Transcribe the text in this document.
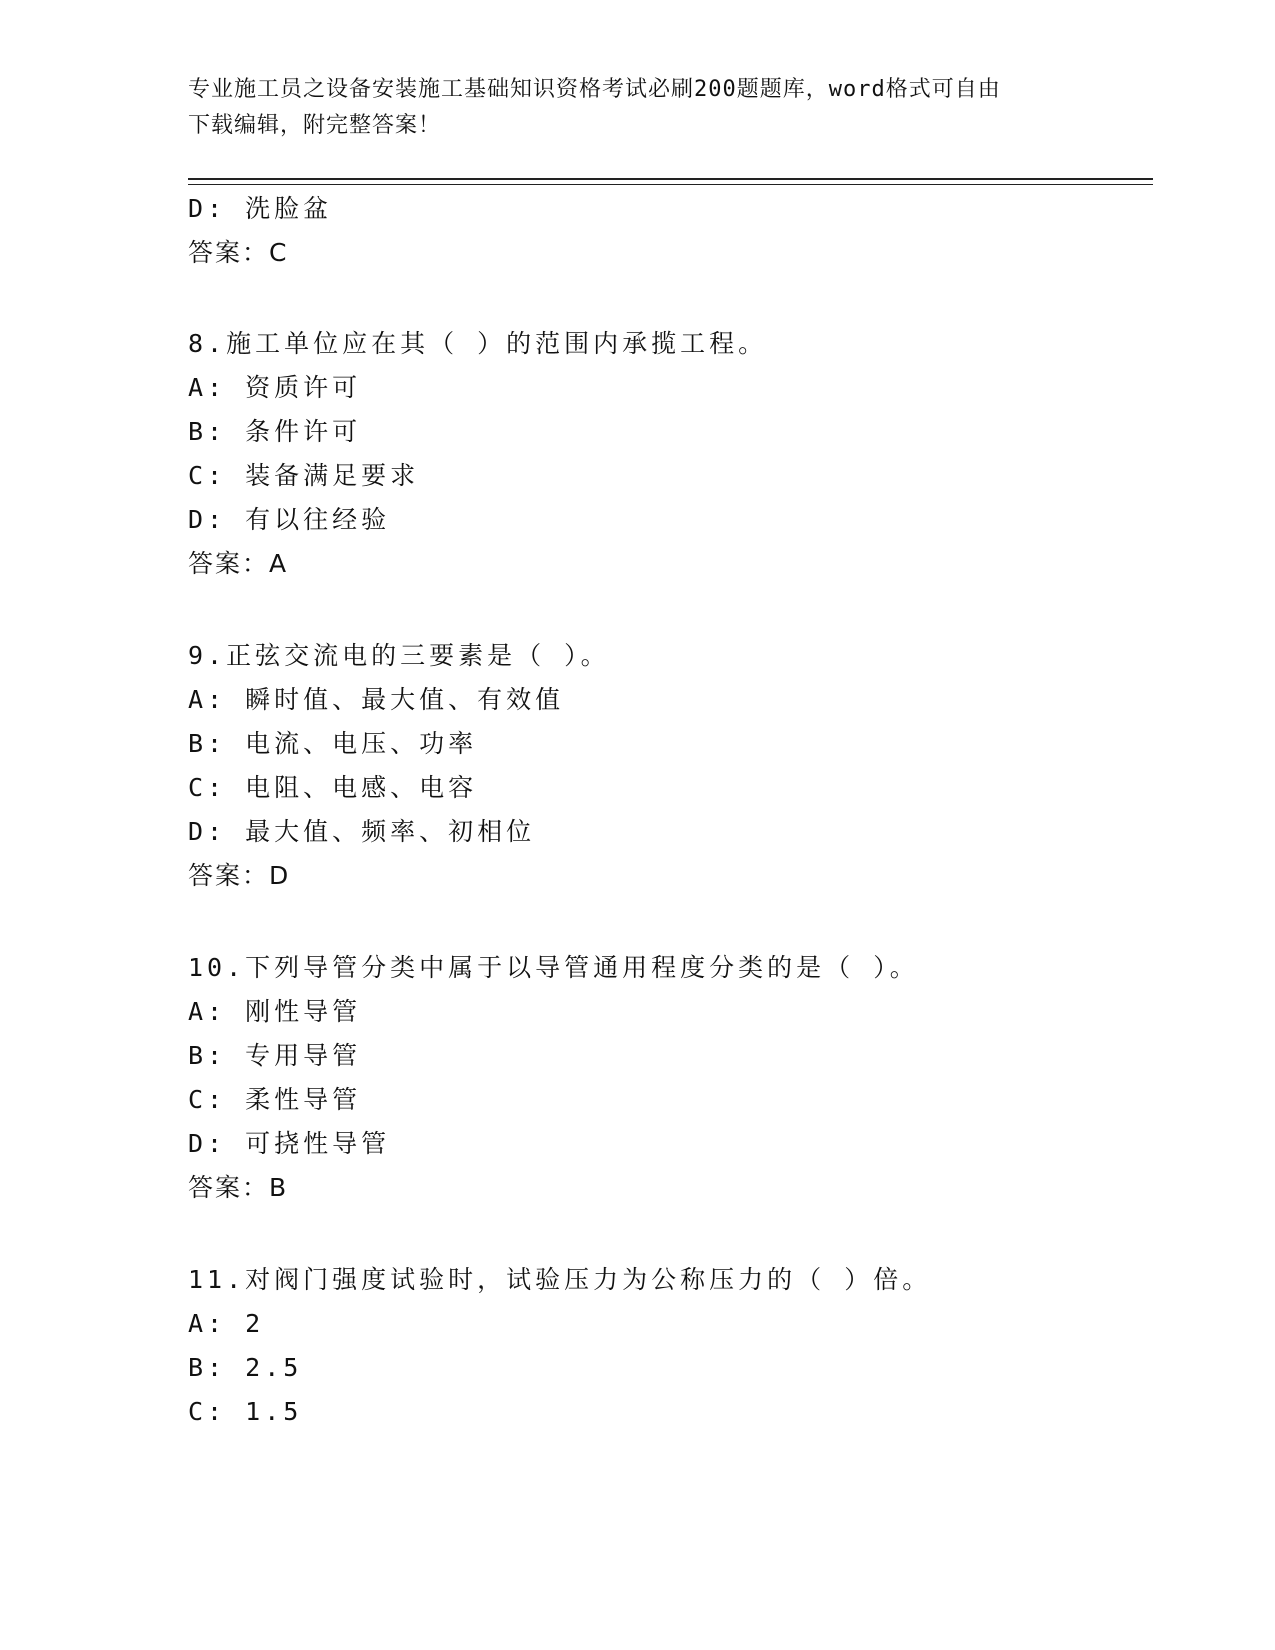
专业施工员之设备安装施工基础知识资格考试必刷200题题库，word格式可自由
下载编辑，附完整答案！
D: 洗脸盆
答案：C
8.施工单位应在其（ ）的范围内承揽工程。
A: 资质许可
B: 条件许可
C: 装备满足要求
D: 有以往经验
答案：A
9.正弦交流电的三要素是（ ）。
A: 瞬时值、最大值、有效值
B: 电流、电压、功率
C: 电阻、电感、电容
D: 最大值、频率、初相位
答案：D
10.下列导管分类中属于以导管通用程度分类的是（ ）。
A: 刚性导管
B: 专用导管
C: 柔性导管
D: 可挠性导管
答案：B
11.对阀门强度试验时，试验压力为公称压力的（ ）倍。
A: 2
B: 2.5
C: 1.5
